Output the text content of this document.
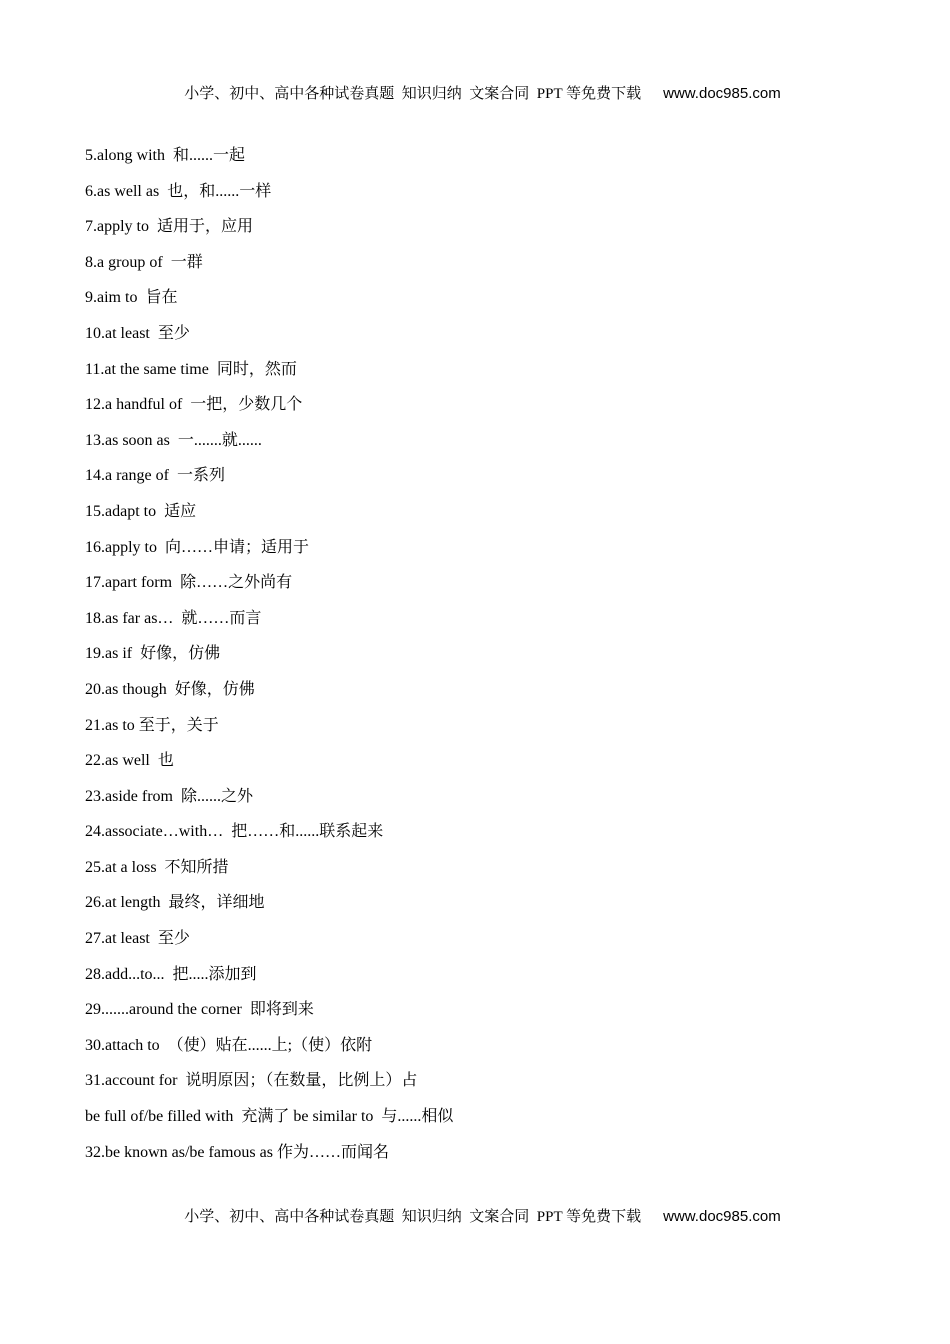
小学、初中、高中各种试卷真题  知识归纳  文案合同  PPT 等免费下载 www.doc985.com

5.along with  和......一起

6.as well as  也，和......一样

7.apply to  适用于，应用

8.a group of  一群

9.aim to  旨在

10.at least  至少

11.at the same time  同时，然而

12.a handful of  一把，少数几个

13.as soon as  一.......就......

14.a range of  一系列

15.adapt to  适应

16.apply to  向……申请；适用于

17.apart form  除……之外尚有

18.as far as…  就……而言

19.as if  好像，仿佛

20.as though  好像，仿佛

21.as to 至于，关于

22.as well  也

23.aside from  除......之外

24.associate…with…  把……和......联系起来

25.at a loss  不知所措

26.at length  最终，详细地

27.at least  至少

28.add...to...  把.....添加到

29.......around the corner  即将到来

30.attach to  （使）贴在......上;（使）依附

31.account for  说明原因；（在数量，比例上）占

be full of/be filled with  充满了 be similar to  与......相似

32.be known as/be famous as 作为……而闻名

小学、初中、高中各种试卷真题  知识归纳  文案合同  PPT 等免费下载 www.doc985.com
